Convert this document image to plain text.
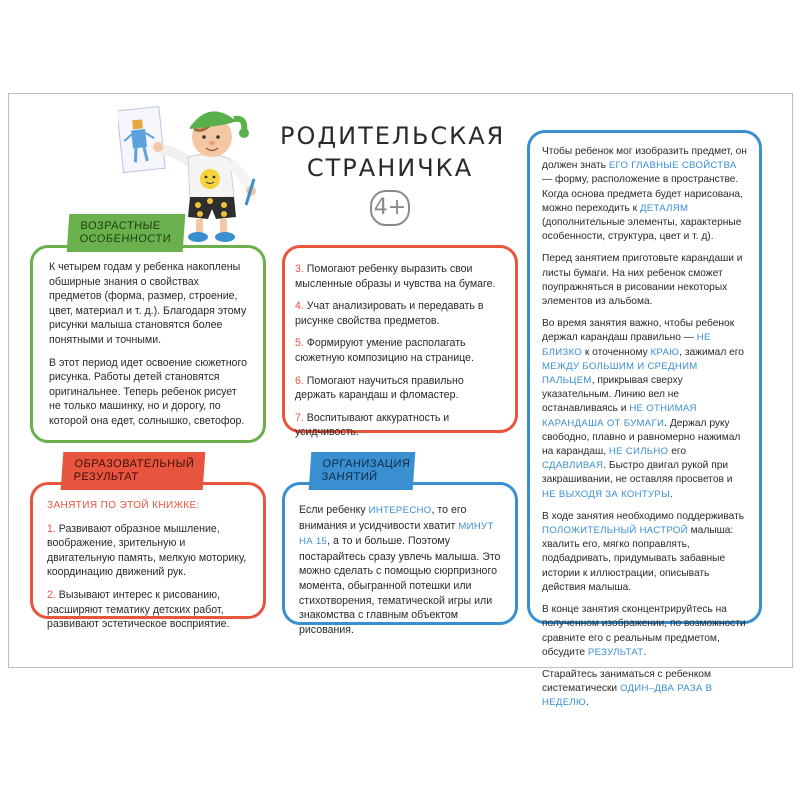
РОДИТЕЛЬСКАЯ
СТРАНИЧКА
4+
ВОЗРАСТНЫЕ ОСОБЕННОСТИ

К четырем годам у ребенка накоплены обширные знания о свойствах предметов (форма, размер, строение, цвет, материал и т. д.). Благодаря этому рисунки малыша становятся более понятными и точными.

В этот период идет освоение сюжетного рисунка. Работы детей становятся оригинальнее. Теперь ребенок рисует не только машинку, но и дорогу, по которой она едет, солнышко, светофор.

3. Помогают ребенку выразить свои мысленные образы и чувства на бумаге.

4. Учат анализировать и передавать в рисунке свойства предметов.

5. Формируют умение располагать сюжетную композицию на странице.

6. Помогают научиться правильно держать карандаш и фломастер.

7. Воспитывают аккуратность и усидчивость.

ОБРАЗОВАТЕЛЬНЫЙ РЕЗУЛЬТАТ
ЗАНЯТИЯ ПО ЭТОЙ КНИЖКЕ:

1. Развивают образное мышление, воображение, зрительную и двигательную память, мелкую моторику, координацию движений рук.

2. Вызывают интерес к рисованию, расширяют тематику детских работ, развивают эстетическое восприятие.

ОРГАНИЗАЦИЯ ЗАНЯТИЙ

Если ребенку ИНТЕРЕСНО, то его внимания и усидчивости хватит МИНУТ НА 15, а то и больше. Поэтому постарайтесь сразу увлечь малыша. Это можно сделать с помощью сюрпризного момента, обыгранной потешки или стихотворения, тематической игры или знакомства с главным объектом рисования.

Чтобы ребенок мог изобразить предмет, он должен знать ЕГО ГЛАВНЫЕ СВОЙСТВА — форму, расположение в пространстве. Когда основа предмета будет нарисована, можно переходить к ДЕТАЛЯМ (дополнительные элементы, характерные особенности, структура, цвет и т. д).

Перед занятием приготовьте карандаши и листы бумаги. На них ребенок сможет поупражняться в рисовании некоторых элементов из альбома.

Во время занятия важно, чтобы ребенок держал карандаш правильно — НЕ БЛИЗКО к оточенному КРАЮ, зажимал его МЕЖДУ БОЛЬШИМ И СРЕДНИМ ПАЛЬЦЕМ, прикрывая сверху указательным. Линию вел не останавливаясь и НЕ ОТНИМАЯ КАРАНДАША ОТ БУМАГИ. Держал руку свободно, плавно и равномерно нажимал на карандаш, НЕ СИЛЬНО его СДАВЛИВАЯ. Быстро двигал рукой при закрашивании, не оставляя просветов и НЕ ВЫХОДЯ ЗА КОНТУРЫ.

В ходе занятия необходимо поддерживать ПОЛОЖИТЕЛЬНЫЙ НАСТРОЙ малыша: хвалить его, мягко поправлять, подбадривать, придумывать забавные истории к иллюстрации, описывать действия малыша.

В конце занятия сконцентрируйтесь на полученном изображении, по возможности сравните его с реальным предметом, обсудите РЕЗУЛЬТАТ.

Старайтесь заниматься с ребенком систематически ОДИН–ДВА РАЗА В НЕДЕЛЮ.
